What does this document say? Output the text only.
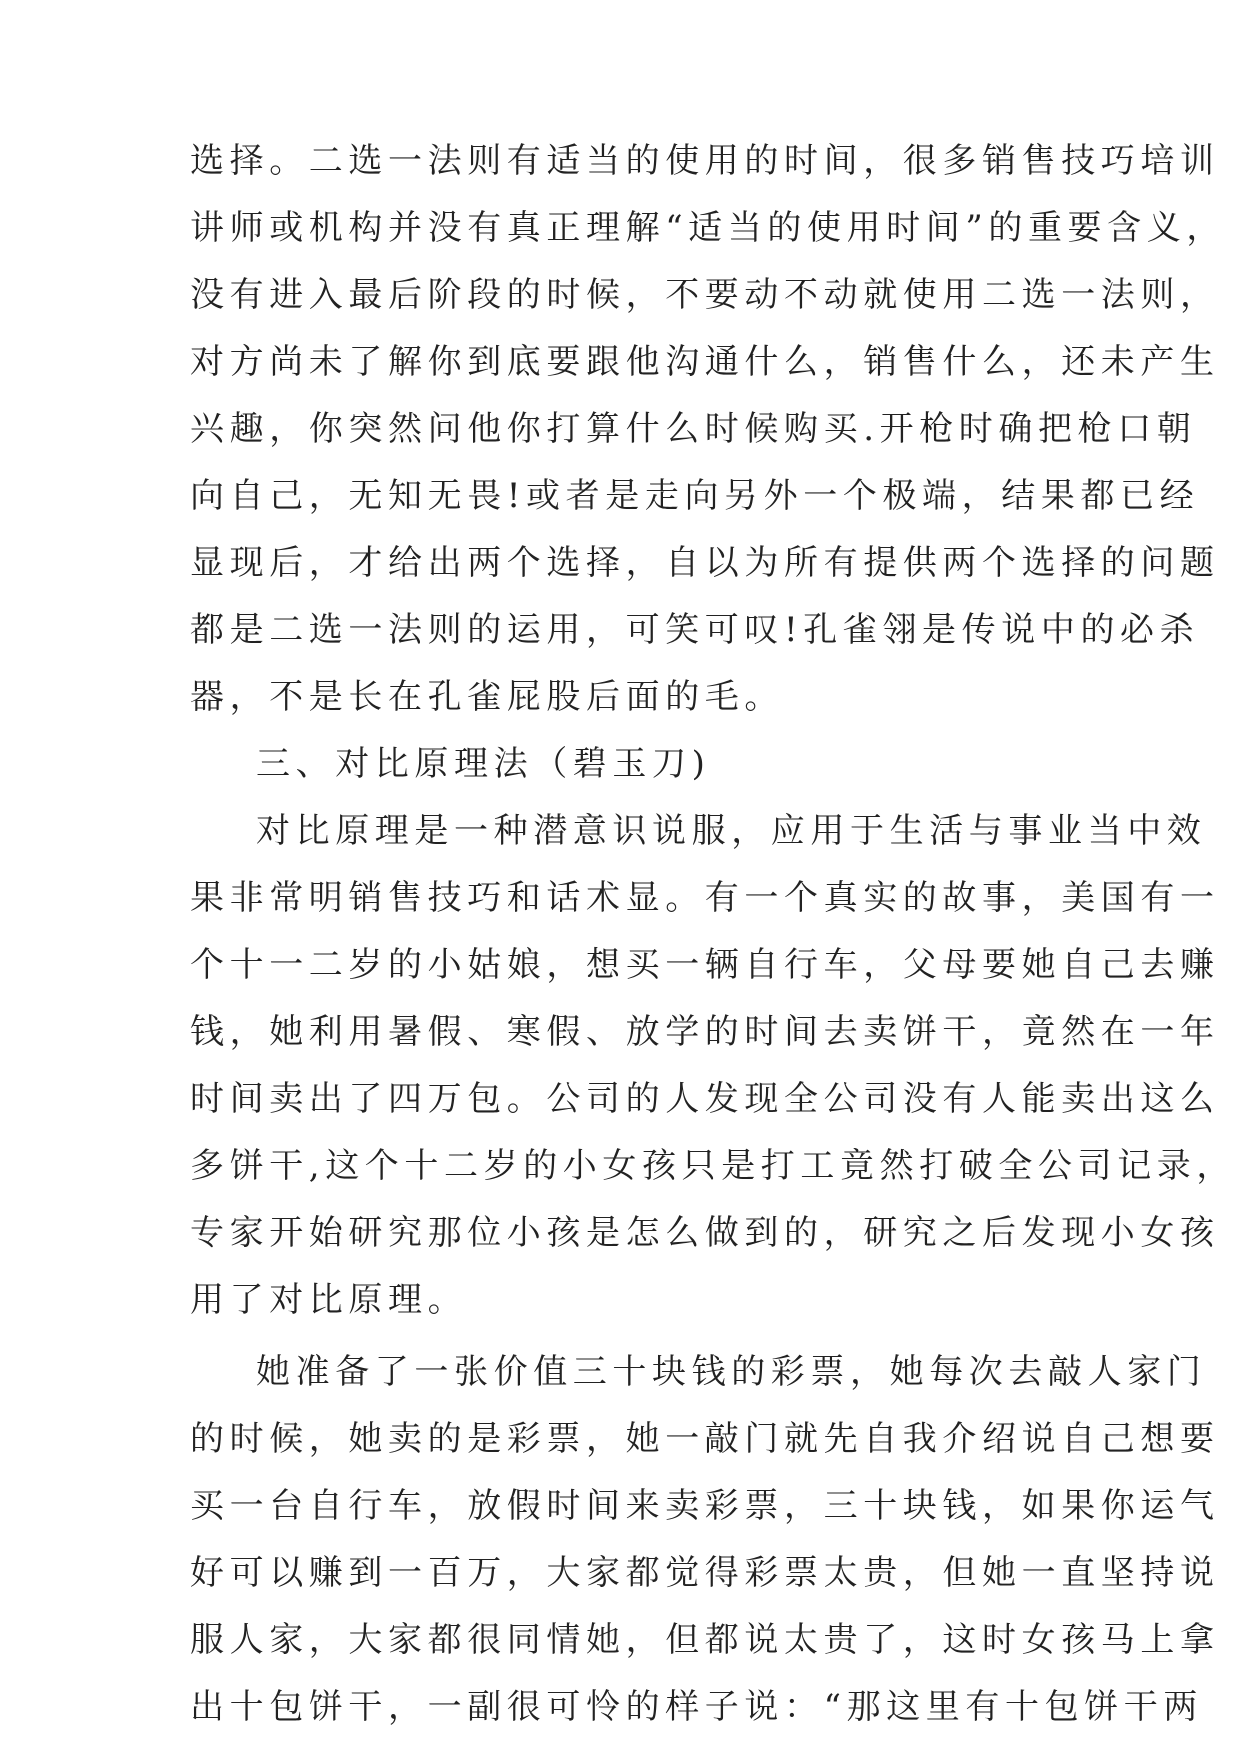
选择。二选一法则有适当的使用的时间，很多销售技巧培训
讲师或机构并没有真正理解“适当的使用时间”的重要含义，
没有进入最后阶段的时候，不要动不动就使用二选一法则，
对方尚未了解你到底要跟他沟通什么，销售什么，还未产生
兴趣，你突然问他你打算什么时候购买.开枪时确把枪口朝
向自己，无知无畏!或者是走向另外一个极端，结果都已经
显现后，才给出两个选择，自以为所有提供两个选择的问题
都是二选一法则的运用，可笑可叹!孔雀翎是传说中的必杀
器，不是长在孔雀屁股后面的毛。
三、对比原理法（碧玉刀)
对比原理是一种潜意识说服，应用于生活与事业当中效
果非常明销售技巧和话术显。有一个真实的故事，美国有一
个十一二岁的小姑娘，想买一辆自行车，父母要她自己去赚
钱，她利用暑假、寒假、放学的时间去卖饼干，竟然在一年
时间卖出了四万包。公司的人发现全公司没有人能卖出这么
多饼干,这个十二岁的小女孩只是打工竟然打破全公司记录，
专家开始研究那位小孩是怎么做到的，研究之后发现小女孩
用了对比原理。
她准备了一张价值三十块钱的彩票，她每次去敲人家门
的时候，她卖的是彩票，她一敲门就先自我介绍说自己想要
买一台自行车，放假时间来卖彩票，三十块钱，如果你运气
好可以赚到一百万，大家都觉得彩票太贵，但她一直坚持说
服人家，大家都很同情她，但都说太贵了，这时女孩马上拿
出十包饼干，一副很可怜的样子说：“那这里有十包饼干两
